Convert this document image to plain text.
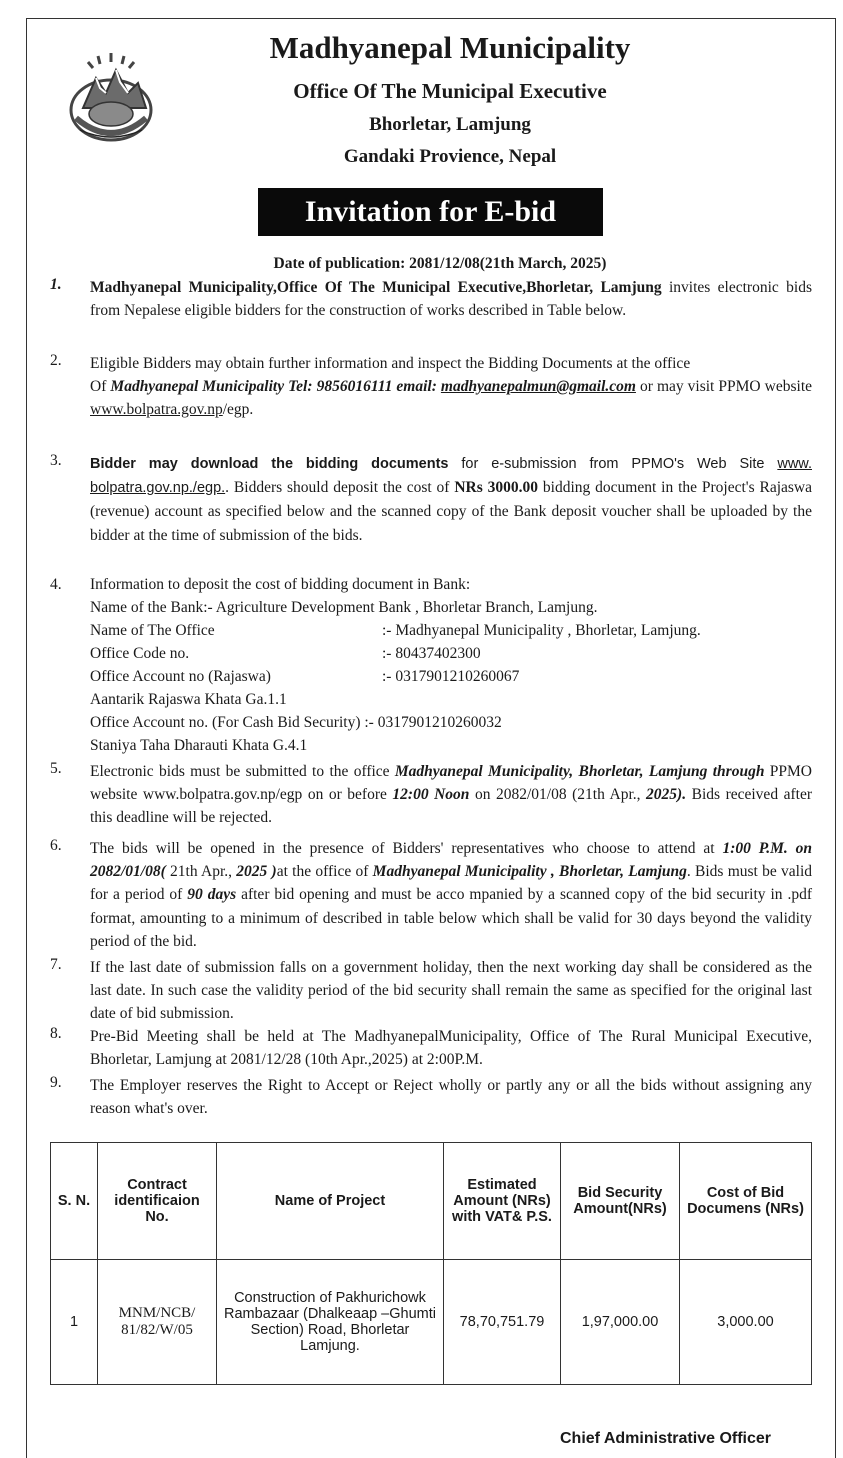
Madhyanepal Municipality
Office Of The Municipal Executive
Bhorletar, Lamjung
Gandaki Provience, Nepal
Invitation for E-bid
Date of publication: 2081/12/08(21th March, 2025)
1. Madhyanepal Municipality,Office Of The Municipal Executive,Bhorletar, Lamjung invites electronic bids from Nepalese eligible bidders for the construction of works described in Table below.
2. Eligible Bidders may obtain further information and inspect the Bidding Documents at the office
Of Madhyanepal Municipality Tel: 9856016111 email: madhyanepalmun@gmail.com or may visit PPMO website www.bolpatra.gov.np/egp.
3. Bidder may download the bidding documents for e-submission from PPMO's Web Site www. bolpatra.gov.np./egp.. Bidders should deposit the cost of NRs 3000.00 bidding document in the Project's Rajaswa (revenue) account as specified below and the scanned copy of the Bank deposit voucher shall be uploaded by the bidder at the time of submission of the bids.
4. Information to deposit the cost of bidding document in Bank:
Name of the Bank:- Agriculture Development Bank , Bhorletar Branch, Lamjung.
Name of The Office	:- Madhyanepal Municipality , Bhorletar, Lamjung.
Office Code no.	:- 80437402300
Office Account no (Rajaswa)	:- 0317901210260067
Aantarik Rajaswa Khata Ga.1.1
Office Account no. (For Cash Bid Security) :- 0317901210260032
Staniya Taha Dharauti Khata G.4.1
5. Electronic bids must be submitted to the office Madhyanepal Municipality, Bhorletar, Lamjung through PPMO website www.bolpatra.gov.np/egp on or before 12:00 Noon on 2082/01/08 (21th Apr., 2025). Bids received after this deadline will be rejected.
6. The bids will be opened in the presence of Bidders' representatives who choose to attend at 1:00 P.M. on 2082/01/08( 21th Apr., 2025 )at the office of Madhyanepal Municipality , Bhorletar, Lamjung. Bids must be valid for a period of 90 days after bid opening and must be acco mpanied by a scanned copy of the bid security in .pdf format, amounting to a minimum of described in table below which shall be valid for 30 days beyond the validity period of the bid.
7. If the last date of submission falls on a government holiday, then the next working day shall be considered as the last date. In such case the validity period of the bid security shall remain the same as specified for the original last date of bid submission.
8. Pre-Bid Meeting shall be held at The MadhyanepalMunicipality, Office of The Rural Municipal Executive, Bhorletar, Lamjung at 2081/12/28 (10th Apr.,2025) at 2:00P.M.
9. The Employer reserves the Right to Accept or Reject wholly or partly any or all the bids without assigning any reason what's over.
S. N.	Contract identificaion No.	Name of Project	Estimated Amount (NRs) with VAT& P.S.	Bid Security Amount(NRs)	Cost of Bid Documens (NRs)
1	MNM/NCB/ 81/82/W/05	Construction of Pakhurichowk Rambazaar (Dhalkeaap –Ghumti Section) Road, Bhorletar Lamjung.	78,70,751.79	1,97,000.00	3,000.00
Chief Administrative Officer
